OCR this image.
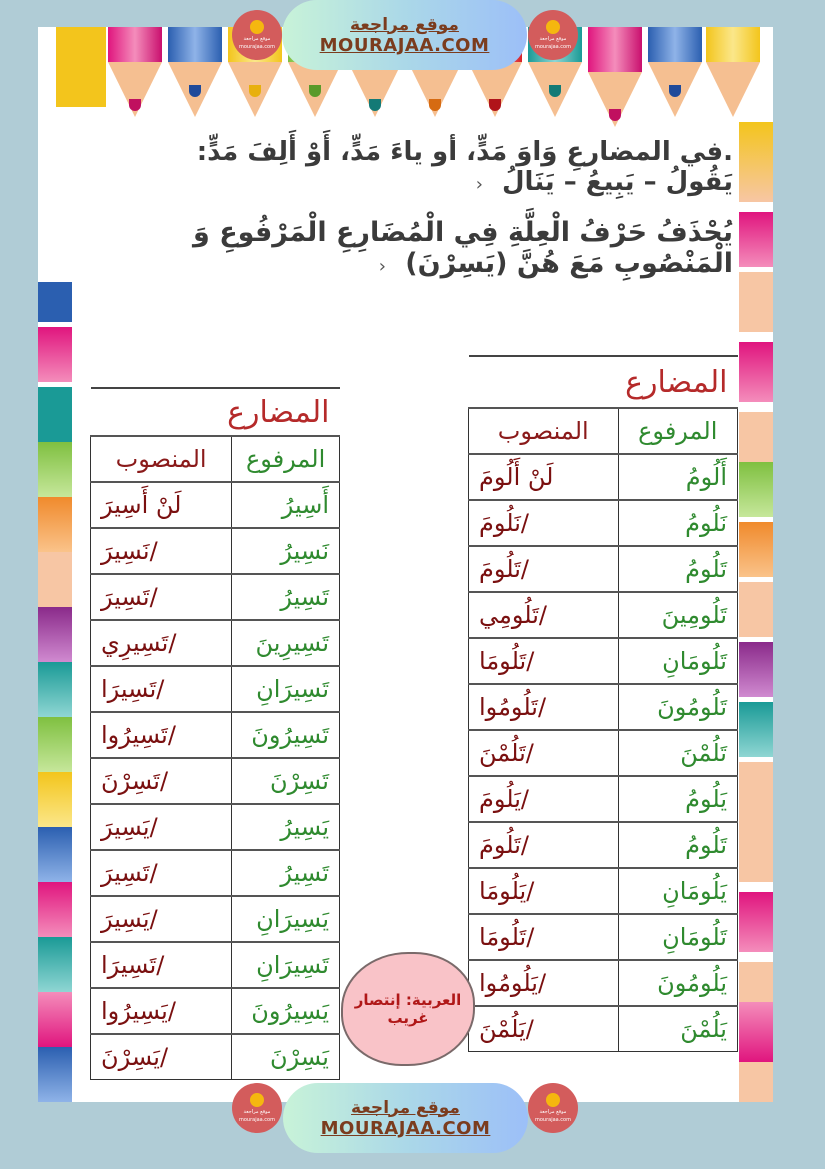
.في المضارعِ وَاوَ مَدٍّ، أو ياءَ مَدٍّ، أَوْ أَلِفَ مَدٍّ: يَقُولُ – يَبِيعُ – يَنَالُ ‹
يُحْذَفُ حَرْفُ الْعِلَّةِ فِي الْمُضَارِعِ الْمَرْفُوعِ وَ الْمَنْصُوبِ مَعَ هُنَّ (يَسِرْنَ) ‹
المضارع	
المرفوع	المنصوب
أَلُومُ	لَنْ أَلُومَ
نَلُومُ	/نَلُومَ
تَلُومُ	/تَلُومَ
تَلُومِينَ	/تَلُومِي
تَلُومَانِ	/تَلُومَا
تَلُومُونَ	/تَلُومُوا
تَلُمْنَ	/تَلُمْنَ
يَلُومُ	/يَلُومَ
تَلُومُ	/تَلُومَ
يَلُومَانِ	/يَلُومَا
تَلُومَانِ	/تَلُومَا
يَلُومُونَ	/يَلُومُوا
يَلُمْنَ	/يَلُمْنَ
المضارع	
المرفوع	المنصوب
أَسِيرُ	لَنْ أَسِيرَ
نَسِيرُ	/نَسِيرَ
تَسِيرُ	/تَسِيرَ
تَسِيرِينَ	/تَسِيرِي
تَسِيرَانِ	/تَسِيرَا
تَسِيرُونَ	/تَسِيرُوا
تَسِرْنَ	/تَسِرْنَ
يَسِيرُ	/يَسِيرَ
تَسِيرُ	/تَسِيرَ
يَسِيرَانِ	/يَسِيرَ
تَسِيرَانِ	/تَسِيرَا
يَسِيرُونَ	/يَسِيرُوا
يَسِرْنَ	/يَسِرْنَ
العربية: إنتصار
غريب
موقع مراجعة
mourajaa.com
موقع مراجعة
MOURAJAA.COM	موقع مراجعة
mourajaa.com
موقع مراجعة
mourajaa.com
موقع مراجعة
MOURAJAA.COM
موقع مراجعة
mourajaa.com
